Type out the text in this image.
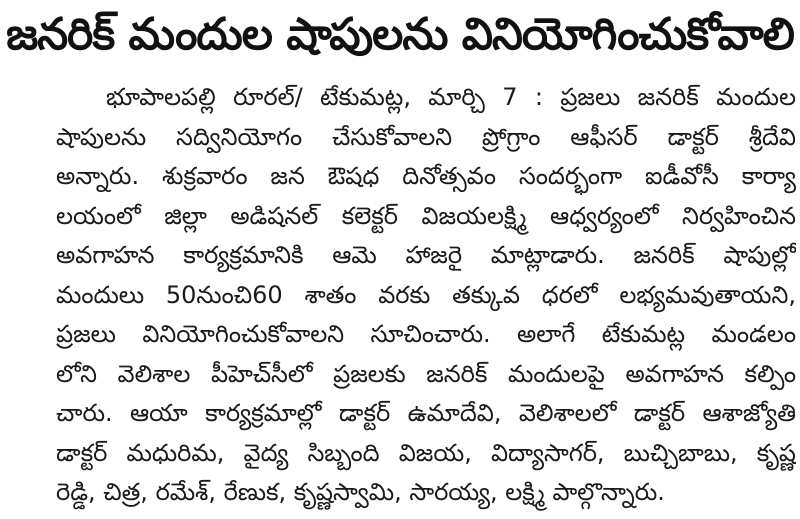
జనరిక్ మందుల షాపులను వినియోగించుకోవాలి
భూపాలపల్లి రూరల్/ టేకుమట్ల, మార్చి 7 : ప్రజలు జనరిక్ మందుల
షాపులను సద్వినియోగం చేసుకోవాలని ప్రోగ్రాం ఆఫీసర్ డాక్టర్ శ్రీదేవి
అన్నారు. శుక్రవారం జన ఔషధ దినోత్సవం సందర్భంగా ఐడీవోసీ కార్యా
లయంలో జిల్లా అడిషనల్ కలెక్టర్ విజయలక్ష్మి ఆధ్వర్యంలో నిర్వహించిన
అవగాహన కార్యక్రమానికి ఆమె హాజరై మాట్లాడారు. జనరిక్ షాపుల్లో
మందులు 50నుంచి60 శాతం వరకు తక్కువ ధరలో లభ్యమవుతాయని,
ప్రజలు వినియోగించుకోవాలని సూచించారు. అలాగే టేకుమట్ల మండలం
లోని వెలిశాల పీహెచ్‌సీలో ప్రజలకు జనరిక్ మందులపై అవగాహన కల్పిం
చారు. ఆయా కార్యక్రమాల్లో డాక్టర్ ఉమాదేవి, వెలిశాలలో డాక్టర్ ఆశాజ్యోతి
డాక్టర్ మధురిమ, వైద్య సిబ్బంది విజయ, విద్యాసాగర్, బుచ్చిబాబు, కృష్ణ
రెడ్డి, చిత్ర, రమేశ్, రేణుక, కృష్ణస్వామి, సారయ్య, లక్ష్మి పాల్గొన్నారు.
